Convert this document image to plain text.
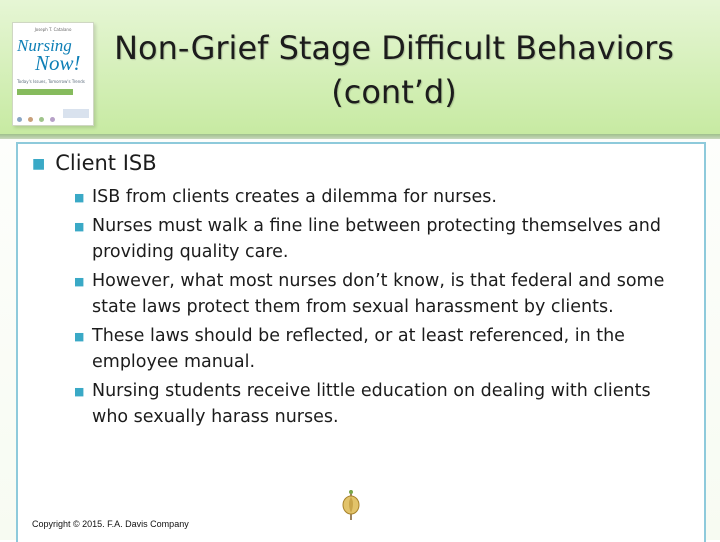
Joseph T. Catalano
Nursing
Now!
Today's Issues, Tomorrow's Trends

Non-Grief Stage Difficult Behaviors
(cont’d)
■ Client ISB
■ ISB from clients creates a dilemma for nurses.
■ Nurses must walk a fine line between protecting themselves and providing quality care.
■ However, what most nurses don’t know, is that federal and some state laws protect them from sexual harassment by clients.
■ These laws should be reflected, or at least referenced, in the employee manual.
■ Nursing students receive little education on dealing with clients who sexually harass nurses.
Copyright © 2015. F.A. Davis Company
